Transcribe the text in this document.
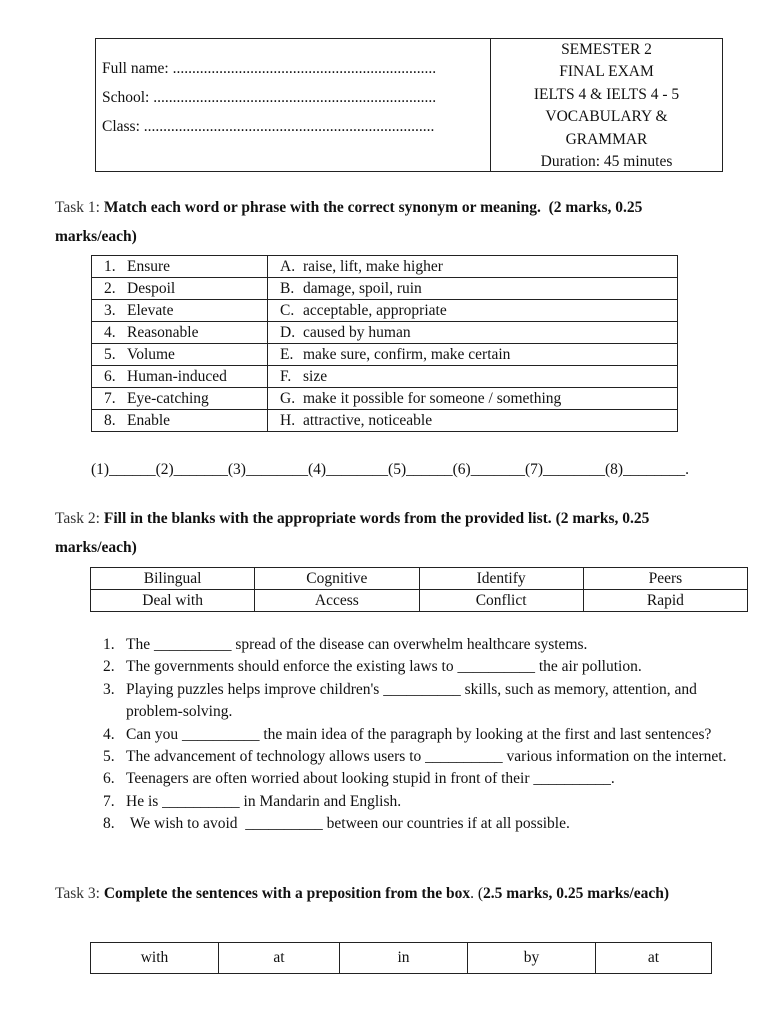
Full name: ....................................................................
School: .........................................................................
Class: ...........................................................................
SEMESTER 2
FINAL EXAM
IELTS 4 & IELTS 4 - 5
VOCABULARY &
GRAMMAR
Duration: 45 minutes
Task 1: Match each word or phrase with the correct synonym or meaning. (2 marks, 0.25
marks/each)
1. Ensure	A. raise, lift, make higher
2. Despoil	B. damage, spoil, ruin
3. Elevate	C. acceptable, appropriate
4. Reasonable	D. caused by human
5. Volume	E. make sure, confirm, make certain
6. Human-induced	F. size
7. Eye-catching	G. make it possible for someone / something
8. Enable	H. attractive, noticeable
(1)______(2)_______(3)________(4)________(5)______(6)_______(7)________(8)________.
Task 2: Fill in the blanks with the appropriate words from the provided list. (2 marks, 0.25
marks/each)
Bilingual	Cognitive	Identify	Peers
Deal with	Access	Conflict	Rapid
1. The __________ spread of the disease can overwhelm healthcare systems.
2. The governments should enforce the existing laws to __________ the air pollution.
3. Playing puzzles helps improve children's __________ skills, such as memory, attention, and problem-solving.
4. Can you __________ the main idea of the paragraph by looking at the first and last sentences?
5. The advancement of technology allows users to __________ various information on the internet.
6. Teenagers are often worried about looking stupid in front of their __________.
7. He is __________ in Mandarin and English.
8. We wish to avoid  __________ between our countries if at all possible.
Task 3: Complete the sentences with a preposition from the box. (2.5 marks, 0.25 marks/each)
with	at	in	by	at
